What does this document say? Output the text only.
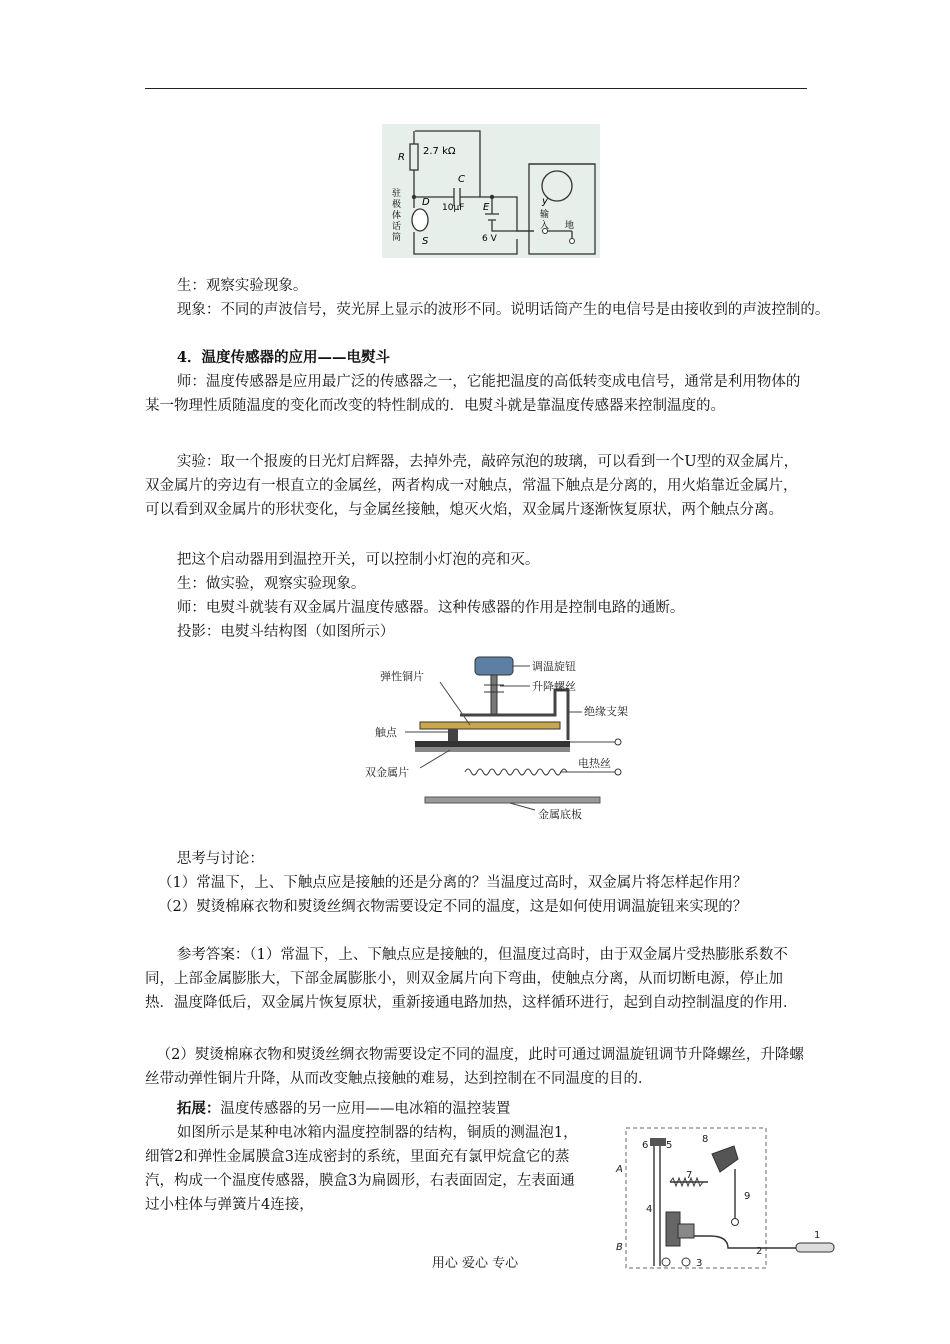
R
2.7 kΩ
C
10μF
D
S
E
6 V
驻
极
体
话
筒
y
输
入 地
生：观察实验现象。
现象：不同的声波信号，荧光屏上显示的波形不同。说明话筒产生的电信号是由接收到的声波控制的。
4．温度传感器的应用——电熨斗
师：温度传感器是应用最广泛的传感器之一，它能把温度的高低转变成电信号，通常是利用物体的某一物理性质随温度的变化而改变的特性制成的．电熨斗就是靠温度传感器来控制温度的。
实验：取一个报废的日光灯启辉器，去掉外壳，敲碎氖泡的玻璃，可以看到一个U型的双金属片，双金属片的旁边有一根直立的金属丝，两者构成一对触点，常温下触点是分离的，用火焰靠近金属片，可以看到双金属片的形状变化，与金属丝接触，熄灭火焰，双金属片逐渐恢复原状，两个触点分离。
把这个启动器用到温控开关，可以控制小灯泡的亮和灭。
生：做实验，观察实验现象。
师：电熨斗就装有双金属片温度传感器。这种传感器的作用是控制电路的通断。
投影：电熨斗结构图（如图所示）
调温旋钮
升降螺丝
弹性铜片
绝缘支架
触点
双金属片
电热丝
金属底板
思考与讨论：
（1）常温下，上、下触点应是接触的还是分离的？当温度过高时，双金属片将怎样起作用？
（2）熨烫棉麻衣物和熨烫丝绸衣物需要设定不同的温度，这是如何使用调温旋钮来实现的？
参考答案：（1）常温下，上、下触点应是接触的，但温度过高时，由于双金属片受热膨胀系数不同，上部金属膨胀大，下部金属膨胀小，则双金属片向下弯曲，使触点分离，从而切断电源，停止加热．温度降低后，双金属片恢复原状，重新接通电路加热，这样循环进行，起到自动控制温度的作用．
（2）熨烫棉麻衣物和熨烫丝绸衣物需要设定不同的温度，此时可通过调温旋钮调节升降螺丝，升降螺丝带动弹性铜片升降，从而改变触点接触的难易，达到控制在不同温度的目的．
拓展：温度传感器的另一应用——电冰箱的温控装置
如图所示是某种电冰箱内温度控制器的结构，铜质的测温泡1，细管2和弹性金属膜盒3连成密封的系统，里面充有氯甲烷盒它的蒸汽，构成一个温度传感器，膜盒3为扁圆形，右表面固定，左表面通过小柱体与弹簧片4连接，
1
2
3
4
5
6
7
8
9
A
B
用心 爱心 专心
